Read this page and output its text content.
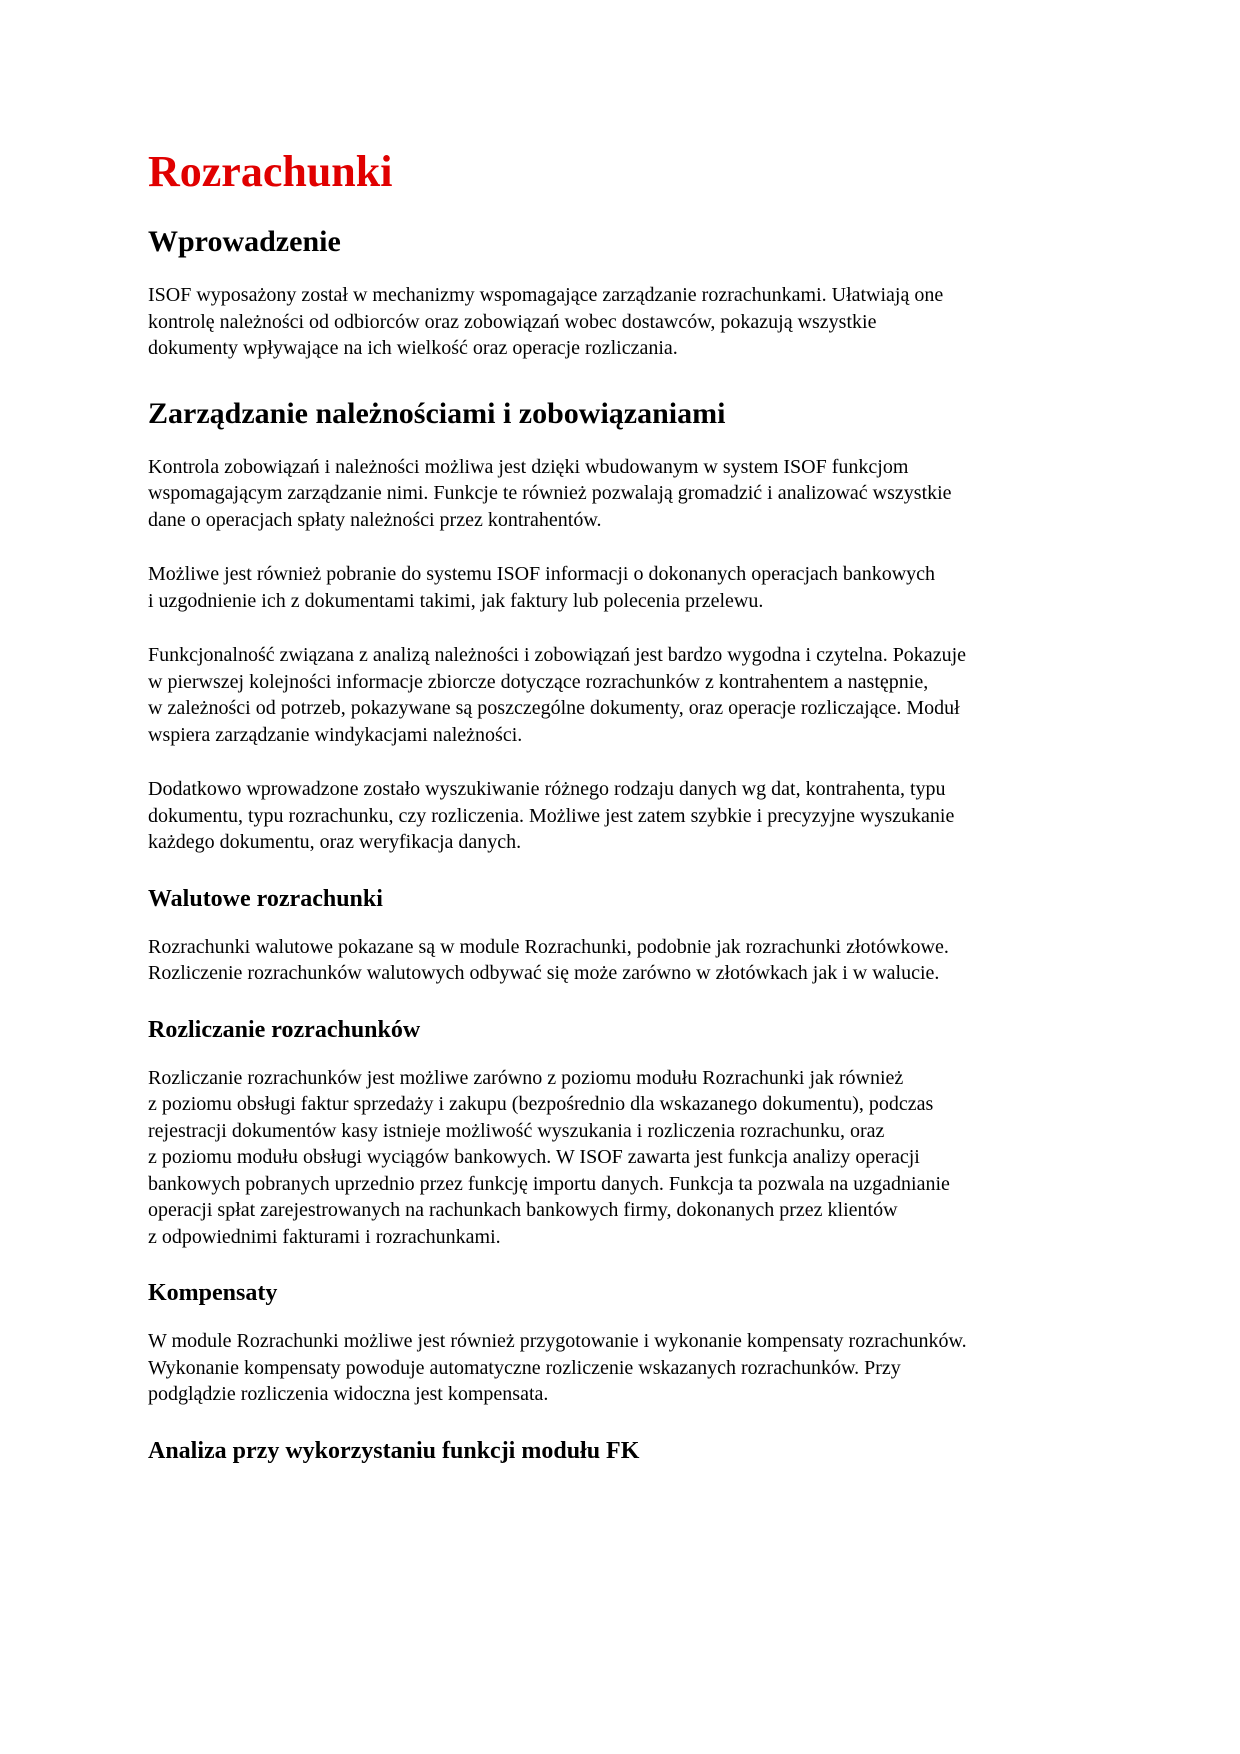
Rozrachunki
Wprowadzenie

ISOF wyposażony został w mechanizmy wspomagające zarządzanie rozrachunkami. Ułatwiają one
kontrolę należności od odbiorców oraz zobowiązań wobec dostawców, pokazują wszystkie
dokumenty wpływające na ich wielkość oraz operacje rozliczania.

Zarządzanie należnościami i zobowiązaniami

Kontrola zobowiązań i należności możliwa jest dzięki wbudowanym w system ISOF funkcjom
wspomagającym zarządzanie nimi. Funkcje te również pozwalają gromadzić i analizować wszystkie
dane o operacjach spłaty należności przez kontrahentów.

Możliwe jest również pobranie do systemu ISOF informacji o dokonanych operacjach bankowych
i uzgodnienie ich z dokumentami takimi, jak faktury lub polecenia przelewu.

Funkcjonalność związana z analizą należności i zobowiązań jest bardzo wygodna i czytelna. Pokazuje
w pierwszej kolejności informacje zbiorcze dotyczące rozrachunków z kontrahentem a następnie,
w zależności od potrzeb, pokazywane są poszczególne dokumenty, oraz operacje rozliczające. Moduł
wspiera zarządzanie windykacjami należności.

Dodatkowo wprowadzone zostało wyszukiwanie różnego rodzaju danych wg dat, kontrahenta, typu
dokumentu, typu rozrachunku, czy rozliczenia. Możliwe jest zatem szybkie i precyzyjne wyszukanie
każdego dokumentu, oraz weryfikacja danych.

Walutowe rozrachunki

Rozrachunki walutowe pokazane są w module Rozrachunki, podobnie jak rozrachunki złotówkowe.
Rozliczenie rozrachunków walutowych odbywać się może zarówno w złotówkach jak i w walucie.

Rozliczanie rozrachunków

Rozliczanie rozrachunków jest możliwe zarówno z poziomu modułu Rozrachunki jak również
z poziomu obsługi faktur sprzedaży i zakupu (bezpośrednio dla wskazanego dokumentu), podczas
rejestracji dokumentów kasy istnieje możliwość wyszukania i rozliczenia rozrachunku, oraz
z poziomu modułu obsługi wyciągów bankowych. W ISOF zawarta jest funkcja analizy operacji
bankowych pobranych uprzednio przez funkcję importu danych. Funkcja ta pozwala na uzgadnianie
operacji spłat zarejestrowanych na rachunkach bankowych firmy, dokonanych przez klientów
z odpowiednimi fakturami i rozrachunkami.

Kompensaty

W module Rozrachunki możliwe jest również przygotowanie i wykonanie kompensaty rozrachunków.
Wykonanie kompensaty powoduje automatyczne rozliczenie wskazanych rozrachunków. Przy
podglądzie rozliczenia widoczna jest kompensata.

Analiza przy wykorzystaniu funkcji modułu FK
